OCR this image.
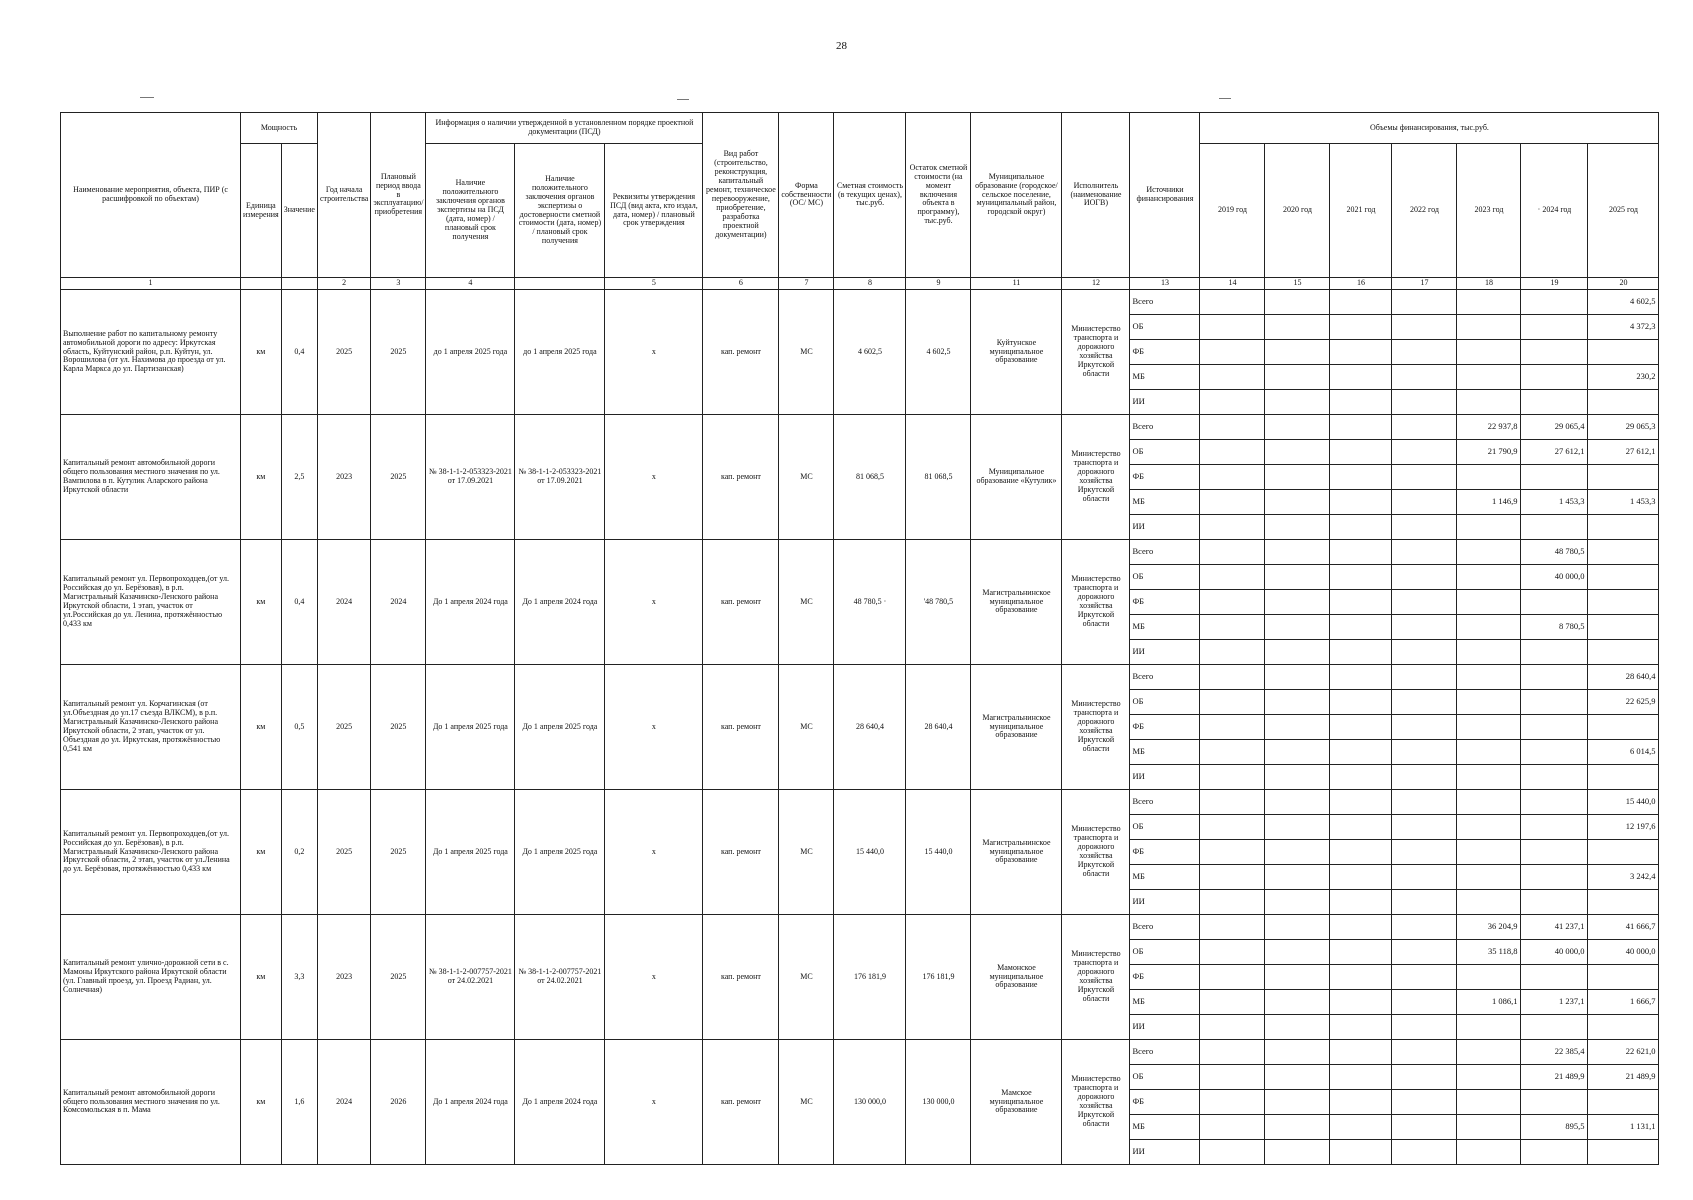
28
Наименование мероприятия, объекта, ПИР (с расшифровкой по объектам)	Мощность		Год начала строительства	Плановый период ввода в эксплуатацию/приобретения	Информация о наличии утвержденной в установленном порядке проектной документации (ПСД)			Вид работ (строительство, реконструкция, капитальный ремонт, техническое перевооружение, приобретение, разработка проектной документации)	Форма собственности (ОС/ МС)	Сметная стоимость (в текущих ценах), тыс.руб.	Остаток сметной стоимости (на момент включения объекта в программу), тыс.руб.	Муниципальное образование (городское/сельское поселение, муниципальный район, городской округ)	Исполнитель (наименование ИОГВ)	Источники финансирования	Объемы финансирования, тыс.руб.						
	Единица измерения	Значение			Наличие положительного заключения органов экспертизы на ПСД (дата, номер) / плановый срок получения	Наличие положительного заключения органов экспертизы о достоверности сметной стоимости (дата, номер) / плановый срок получения	Реквизиты утверждения ПСД (вид акта, кто издал, дата, номер) / плановый срок утверждения								2019 год	2020 год	2021 год	2022 год	2023 год	· 2024 год	2025 год
1			2	3	4		5	6	7	8	9	11	12	13	14	15	16	17	18	19	20
Выполнение работ по капитальному ремонту автомобильной дороги по адресу: Иркутская область, Куйтунский район, р.п. Куйтун, ул. Ворошилова (от ул. Нахимова до проезда от ул. Карла Маркса до ул. Партизанская)	км	0,4	2025	2025	до 1 апреля 2025 года	до 1 апреля 2025 года	х	кап. ремонт	МС	4 602,5	4 602,5	Куйтунское муниципальное образование	Министерство транспорта и дорожного хозяйства Иркутской области	Всего							4 602,5
														ОБ							4 372,3
														ФБ							
														МБ							230,2
														ИИ							
Капитальный ремонт автомобильной дороги общего пользования местного значения по ул. Вампилова в п. Кутулик Аларского района Иркутской области	км	2,5	2023	2025	№ 38-1-1-2-053323-2021 от 17.09.2021	№ 38-1-1-2-053323-2021 от 17.09.2021	х	кап. ремонт	МС	81 068,5	81 068,5	Муниципальное образование «Кутулик»	Министерство транспорта и дорожного хозяйства Иркутской области	Всего					22 937,8	29 065,4	29 065,3
														ОБ					21 790,9	27 612,1	27 612,1
														ФБ							
														МБ					1 146,9	1 453,3	1 453,3
														ИИ							
Капитальный ремонт ул. Первопроходцев,(от ул. Российская до ул. Берёзовая), в р.п. Магистральный Казачинско-Ленского района Иркутской области, 1 этап, участок от ул.Российская до ул. Ленина, протяжённостью 0,433 км	км	0,4	2024	2024	До 1 апреля 2024 года	До 1 апреля 2024 года	х	кап. ремонт	МС	48 780,5 ·	'48 780,5	Магистральнинское муниципальное образование	Министерство транспорта и дорожного хозяйства Иркутской области	Всего						48 780,5	
														ОБ						40 000,0	
														ФБ							
														МБ						8 780,5	
														ИИ							
Капитальный ремонт ул. Корчагинская (от ул.Объездная до ул.17 съезда ВЛКСМ), в р.п. Магистральный Казачинско-Ленского района Иркутской области, 2 этап, участок от ул. Объездная до ул. Иркутская, протяжённостью 0,541 км	км	0,5	2025	2025	До 1 апреля 2025 года	До 1 апреля 2025 года	х	кап. ремонт	МС	28 640,4	28 640,4	Магистральнинское муниципальное образование	Министерство транспорта и дорожного хозяйства Иркутской области	Всего							28 640,4
														ОБ							22 625,9
														ФБ							
														МБ							6 014,5
														ИИ							
Капитальный ремонт ул. Первопроходцев,(от ул. Российская до ул. Берёзовая), в р.п. Магистральный Казачинско-Ленского района Иркутской области, 2 этап, участок от ул.Ленина до ул. Берёзовая, протяжённостью 0,433 км	км	0,2	2025	2025	До 1 апреля 2025 года	До 1 апреля 2025 года	х	кап. ремонт	МС	15 440,0	15 440,0	Магистральнинское муниципальное образование	Министерство транспорта и дорожного хозяйства Иркутской области	Всего							15 440,0
														ОБ							12 197,6
														ФБ							
														МБ							3 242,4
														ИИ							
Капитальный ремонт улично-дорожной сети в с. Мамоны Иркутского района Иркутской области (ул. Главный проезд, ул. Проезд Радиан, ул. Солнечная)	км	3,3	2023	2025	№ 38-1-1-2-007757-2021 от 24.02.2021	№ 38-1-1-2-007757-2021 от 24.02.2021	х	кап. ремонт	МС	176 181,9	176 181,9	Мамонское муниципальное образование	Министерство транспорта и дорожного хозяйства Иркутской области	Всего					36 204,9	41 237,1	41 666,7
														ОБ					35 118,8	40 000,0	40 000,0
														ФБ							
														МБ					1 086,1	1 237,1	1 666,7
														ИИ							
Капитальный ремонт автомобильной дороги общего пользования местного значения по ул. Комсомольская в п. Мама	км	1,6	2024	2026	До 1 апреля 2024 года	До 1 апреля 2024 года	х	кап. ремонт	МС	130 000,0	130 000,0	Мамское муниципальное образование	Министерство транспорта и дорожного хозяйства Иркутской области	Всего						22 385,4	22 621,0
														ОБ						21 489,9	21 489,9
														ФБ							
														МБ						895,5	1 131,1
														ИИ							
